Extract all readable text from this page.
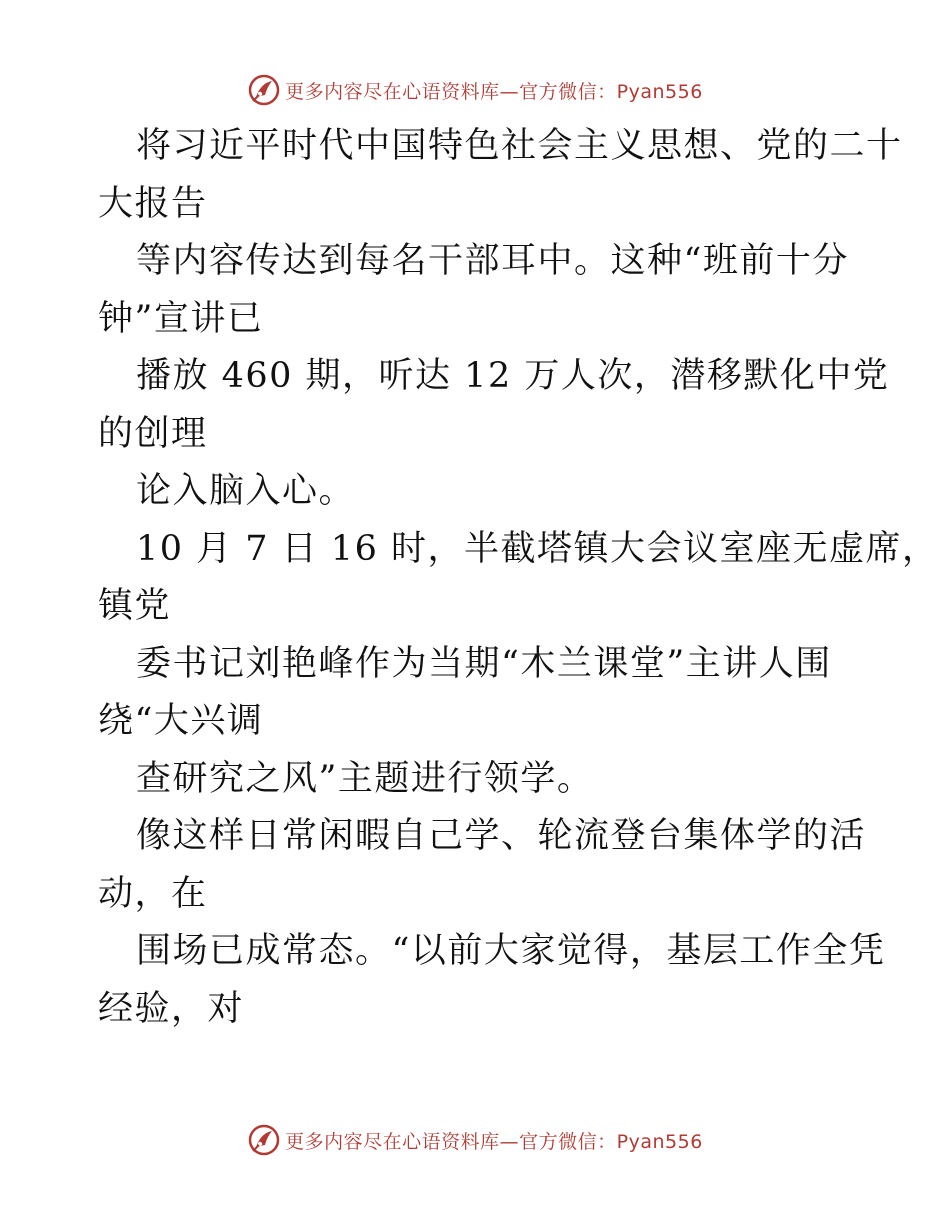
更多内容尽在心语资料库—官方微信：Pyan556
将习近平时代中国特色社会主义思想、党的二十
大报告
等内容传达到每名干部耳中。这种“班前十分
钟”宣讲已
播放 460 期，听达 12 万人次，潜移默化中党
的创理
论入脑入心。
10 月 7 日 16 时，半截塔镇大会议室座无虚席，
镇党
委书记刘艳峰作为当期“木兰课堂”主讲人围
绕“大兴调
查研究之风”主题进行领学。
像这样日常闲暇自己学、轮流登台集体学的活
动，在
围场已成常态。“以前大家觉得，基层工作全凭
经验，对
更多内容尽在心语资料库—官方微信：Pyan556
